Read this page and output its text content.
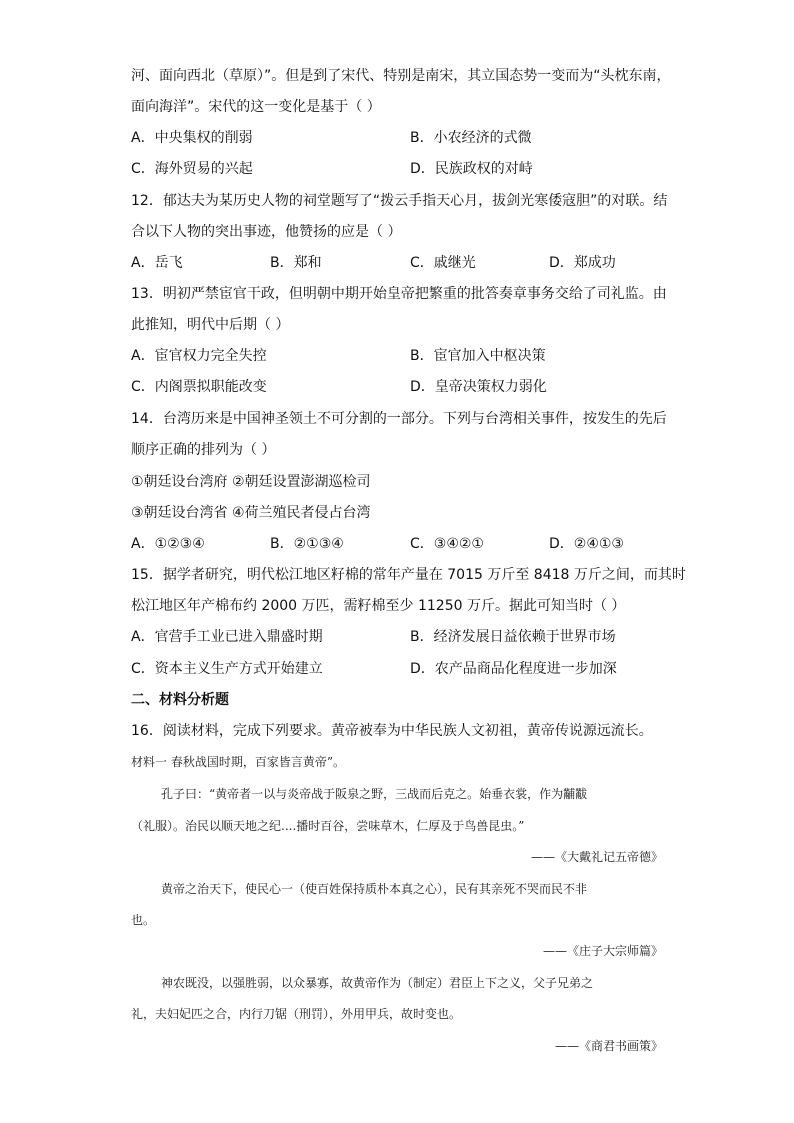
河、面向西北（草原）”。但是到了宋代、特别是南宋，其立国态势一变而为“头枕东南，
面向海洋”。宋代的这一变化是基于（ ）
A．中央集权的削弱	B．小农经济的式微
C．海外贸易的兴起	D．民族政权的对峙
12．郁达夫为某历史人物的祠堂题写了“拨云手指天心月，拔剑光寒倭寇胆”的对联。结
合以下人物的突出事迹，他赞扬的应是（ ）
A．岳飞	B．郑和	C．戚继光	D．郑成功
13．明初严禁宦官干政，但明朝中期开始皇帝把繁重的批答奏章事务交给了司礼监。由
此推知，明代中后期（ ）
A．宦官权力完全失控	B．宦官加入中枢决策
C．内阁票拟职能改变	D．皇帝决策权力弱化
14．台湾历来是中国神圣领土不可分割的一部分。下列与台湾相关事件，按发生的先后
顺序正确的排列为（ ）
①朝廷设台湾府 ②朝廷设置澎湖巡检司
③朝廷设台湾省 ④荷兰殖民者侵占台湾
A．①②③④	B．②①③④	C．③④②①	D．②④①③
15．据学者研究，明代松江地区籽棉的常年产量在 7015 万斤至 8418 万斤之间，而其时
松江地区年产棉布约 2000 万匹，需籽棉至少 11250 万斤。据此可知当时（ ）
A．官营手工业已进入鼎盛时期	B．经济发展日益依赖于世界市场
C．资本主义生产方式开始建立	D．农产品商品化程度进一步加深
二、材料分析题
16．阅读材料，完成下列要求。黄帝被奉为中华民族人文初祖，黄帝传说源远流长。
材料一 春秋战国时期，百家皆言黄帝”。
孔子曰：“黄帝者一以与炎帝战于阪泉之野，三战而后克之。始垂衣裳，作为黼黻
（礼服）。治民以顺天地之纪....播时百谷，尝味草木，仁厚及于鸟兽昆虫。”
——《大戴礼记五帝德》
黄帝之治天下，使民心一（使百姓保持质朴本真之心），民有其亲死不哭而民不非
也。
——《庄子大宗师篇》
神农既没，以强胜弱，以众暴寡，故黄帝作为（制定）君臣上下之义，父子兄弟之
礼，夫妇妃匹之合，内行刀锯（刑罚），外用甲兵，故时变也。
——《商君书画策》
